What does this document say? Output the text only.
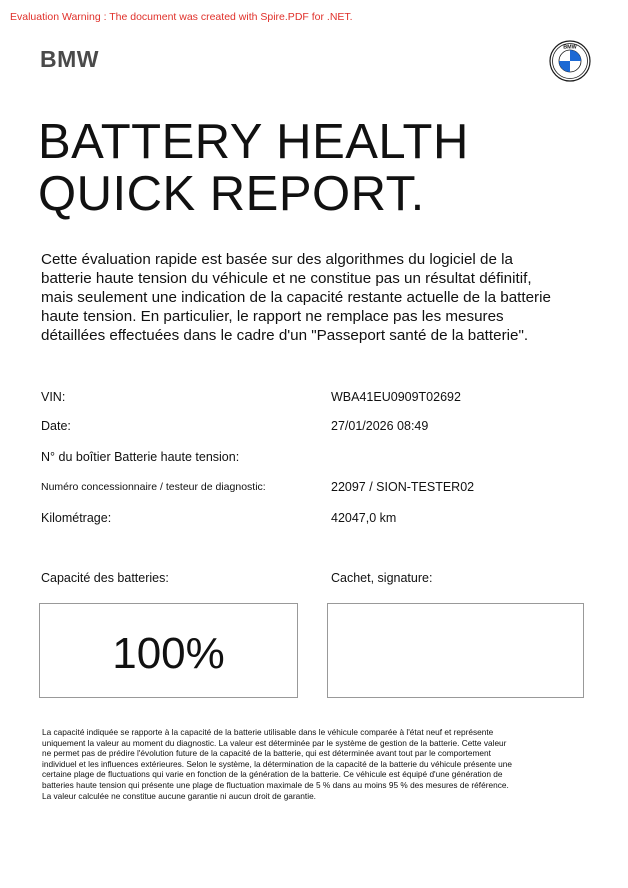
Evaluation Warning : The document was created with Spire.PDF for .NET.
BMW	BMW
BATTERY HEALTH
QUICK REPORT.
Cette évaluation rapide est basée sur des algorithmes du logiciel de la
batterie haute tension du véhicule et ne constitue pas un résultat définitif,
mais seulement une indication de la capacité restante actuelle de la batterie
haute tension. En particulier, le rapport ne remplace pas les mesures
détaillées effectuées dans le cadre d'un "Passeport santé de la batterie".
VIN:	WBA41EU0909T02692
Date:	27/01/2026 08:49
N° du boîtier Batterie haute tension:
Numéro concessionnaire / testeur de diagnostic:	22097 / SION-TESTER02
Kilométrage:	42047,0 km
Capacité des batteries:	Cachet, signature:
100%
La capacité indiquée se rapporte à la capacité de la batterie utilisable dans le véhicule comparée à l'état neuf et représente
uniquement la valeur au moment du diagnostic. La valeur est déterminée par le système de gestion de la batterie. Cette valeur
ne permet pas de prédire l'évolution future de la capacité de la batterie, qui est déterminée avant tout par le comportement
individuel et les influences extérieures. Selon le système, la détermination de la capacité de la batterie du véhicule présente une
certaine plage de fluctuations qui varie en fonction de la génération de la batterie. Ce véhicule est équipé d'une génération de
batteries haute tension qui présente une plage de fluctuation maximale de 5 % dans au moins 95 % des mesures de référence.
La valeur calculée ne constitue aucune garantie ni aucun droit de garantie.
